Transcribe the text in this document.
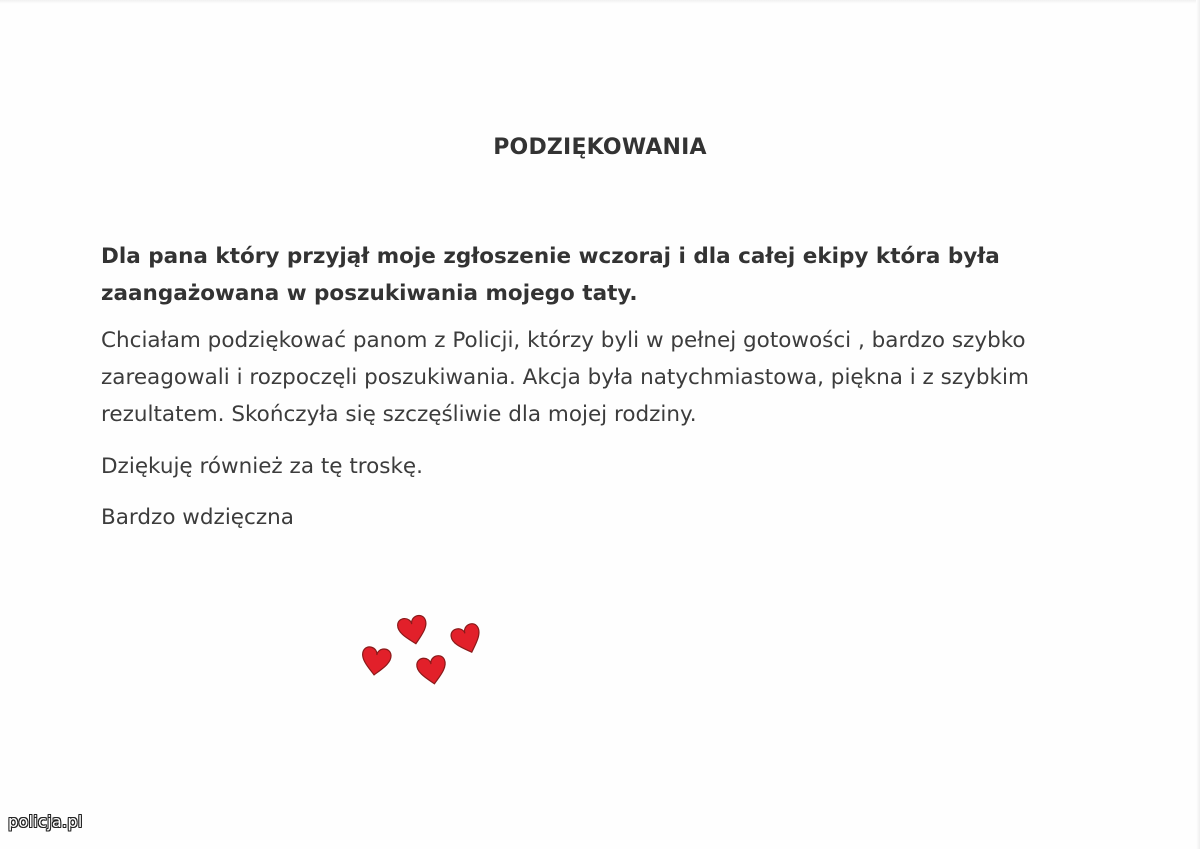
PODZIĘKOWANIA

Dla pana który przyjął moje zgłoszenie wczoraj i dla całej ekipy która była zaangażowana w poszukiwania mojego taty.

Chciałam podziękować panom z Policji, którzy byli w pełnej gotowości , bardzo szybko zareagowali i rozpoczęli poszukiwania. Akcja była natychmiastowa, piękna i z szybkim rezultatem. Skończyła się szczęśliwie dla mojej rodziny.

Dziękuję również za tę troskę.

Bardzo wdzięczna

policja.pl
